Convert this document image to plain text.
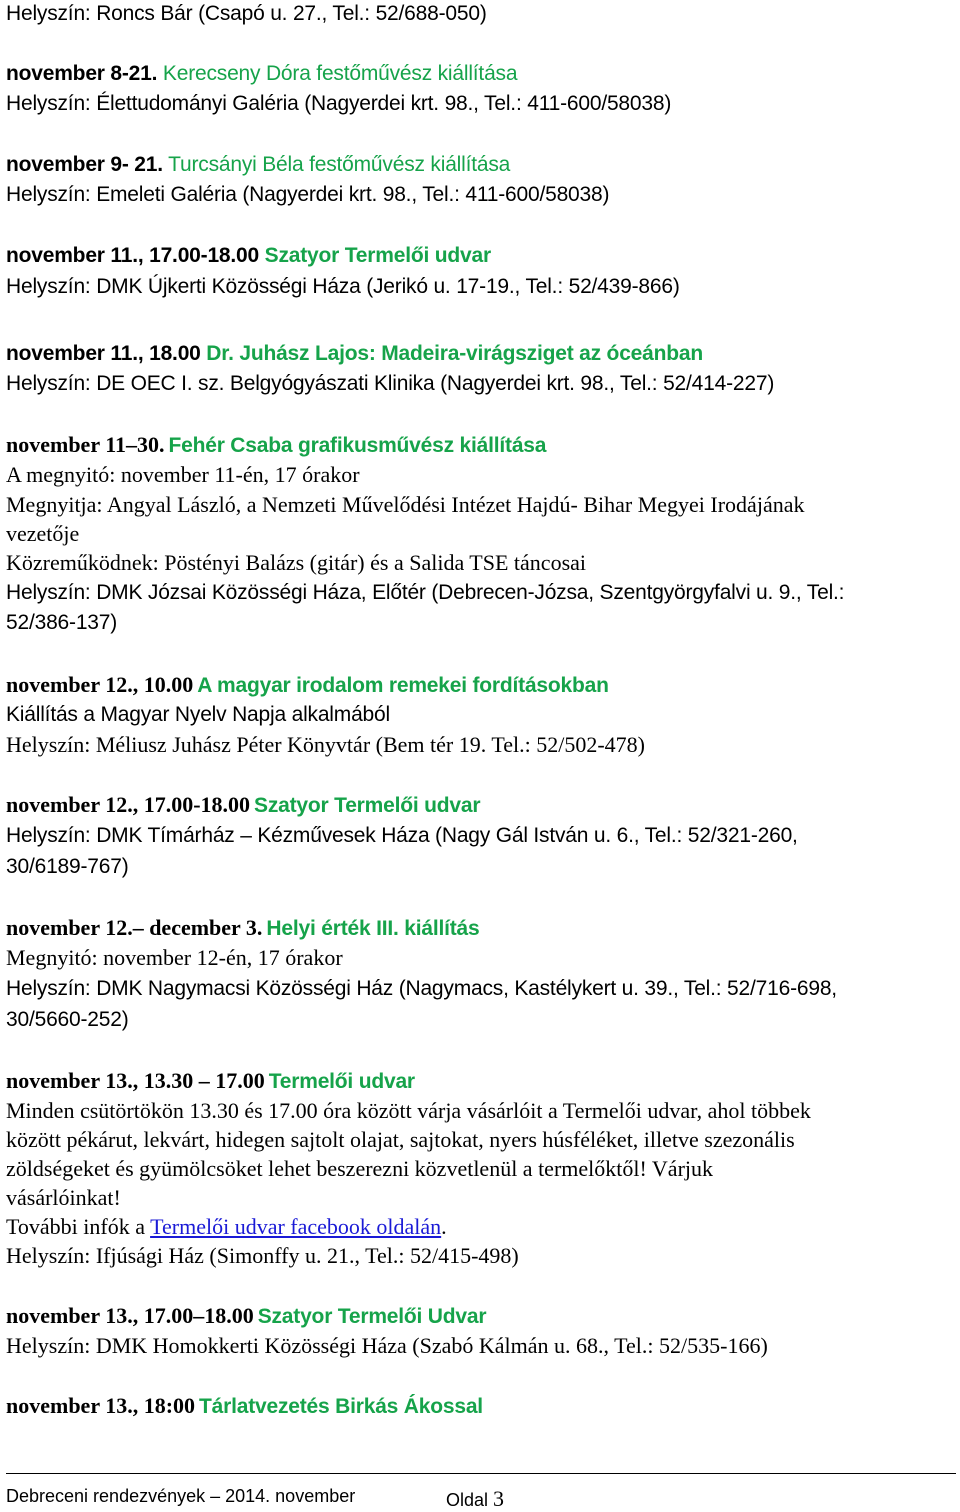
Helyszín: Roncs Bár (Csapó u. 27., Tel.: 52/688-050)
november 8-21. Kerecseny Dóra festőművész kiállítása
Helyszín: Élettudományi Galéria (Nagyerdei krt. 98., Tel.: 411-600/58038)
november 9- 21. Turcsányi Béla festőművész kiállítása
Helyszín: Emeleti Galéria (Nagyerdei krt. 98., Tel.: 411-600/58038)
november 11., 17.00-18.00 Szatyor Termelői udvar
Helyszín: DMK Újkerti Közösségi Háza (Jerikó u. 17-19., Tel.: 52/439-866)
november 11., 18.00 Dr. Juhász Lajos: Madeira-virágsziget az óceánban
Helyszín: DE OEC I. sz. Belgyógyászati Klinika (Nagyerdei krt. 98., Tel.: 52/414-227)
november 11–30. Fehér Csaba grafikusművész kiállítása
A megnyitó: november 11-én, 17 órakor
Megnyitja: Angyal László, a Nemzeti Művelődési Intézet Hajdú- Bihar Megyei Irodájának
vezetője
Közreműködnek: Pöstényi Balázs (gitár) és a Salida TSE táncosai
Helyszín: DMK Józsai Közösségi Háza, Előtér (Debrecen-Józsa, Szentgyörgyfalvi u. 9., Tel.:
52/386-137)
november 12., 10.00 A magyar irodalom remekei fordításokban
Kiállítás a Magyar Nyelv Napja alkalmából
Helyszín: Méliusz Juhász Péter Könyvtár (Bem tér 19. Tel.: 52/502-478)
november 12., 17.00-18.00 Szatyor Termelői udvar
Helyszín: DMK Tímárház – Kézművesek Háza (Nagy Gál István u. 6., Tel.: 52/321-260,
30/6189-767)
november 12.– december 3. Helyi érték III. kiállítás
Megnyitó: november 12-én, 17 órakor
Helyszín: DMK Nagymacsi Közösségi Ház (Nagymacs, Kastélykert u. 39., Tel.: 52/716-698,
30/5660-252)
november 13., 13.30 – 17.00 Termelői udvar
Minden csütörtökön 13.30 és 17.00 óra között várja vásárlóit a Termelői udvar, ahol többek
között pékárut, lekvárt, hidegen sajtolt olajat, sajtokat, nyers húsféléket, illetve szezonális
zöldségeket és gyümölcsöket lehet beszerezni közvetlenül a termelőktől! Várjuk
vásárlóinkat!
További infók a Termelői udvar facebook oldalán.
Helyszín: Ifjúsági Ház (Simonffy u. 21., Tel.: 52/415-498)
november 13., 17.00–18.00 Szatyor Termelői Udvar
Helyszín: DMK Homokkerti Közösségi Háza (Szabó Kálmán u. 68., Tel.: 52/535-166)
november 13., 18:00 Tárlatvezetés Birkás Ákossal
Debreceni rendezvények – 2014. november	Oldal 3
